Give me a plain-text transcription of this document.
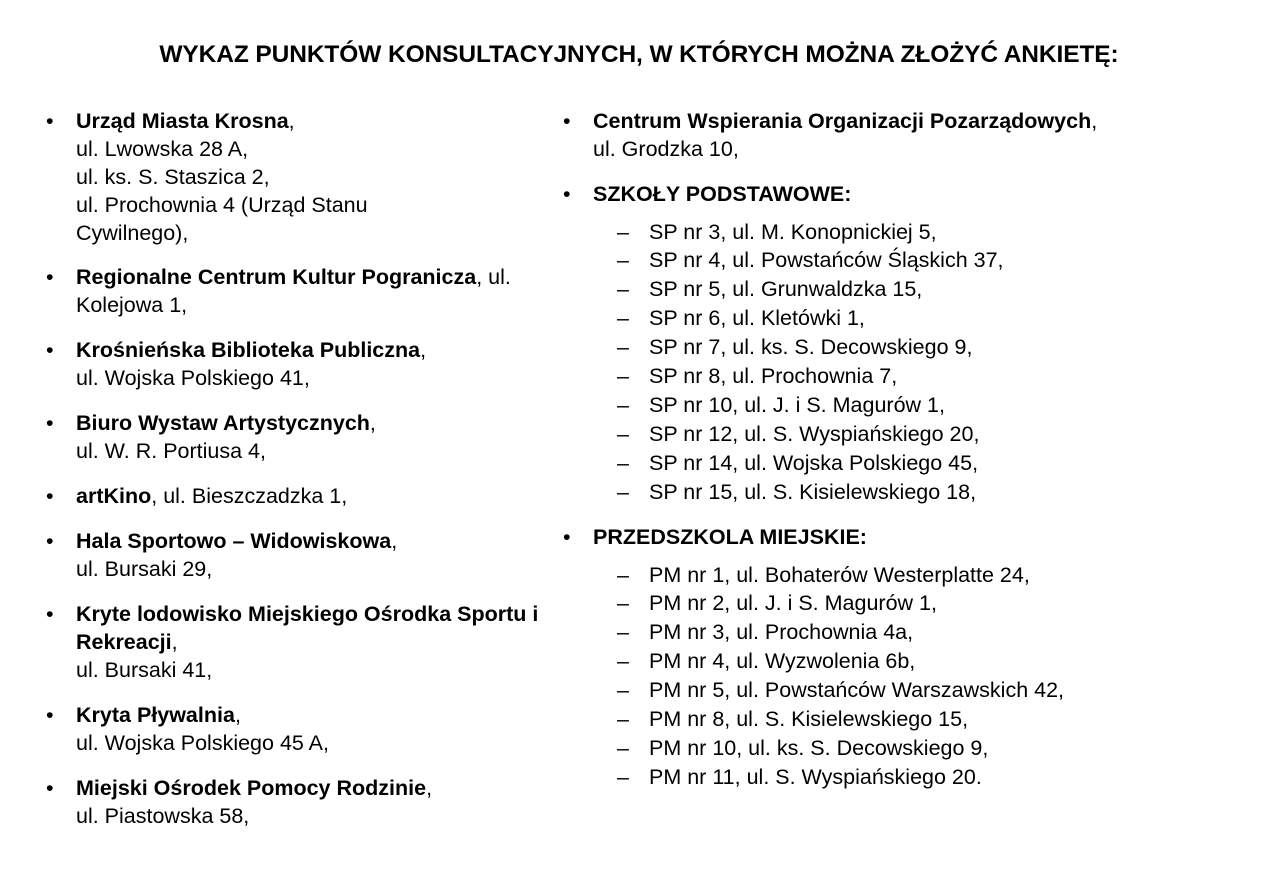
WYKAZ PUNKTÓW KONSULTACYJNYCH, W KTÓRYCH MOŻNA ZŁOŻYĆ ANKIETĘ:
•	Urząd Miasta Krosna,
ul. Lwowska 28 A,
ul. ks. S. Staszica 2,
ul. Prochownia 4 (Urząd Stanu
Cywilnego),
•	Regionalne Centrum Kultur Pogranicza, ul. Kolejowa 1,
•	Krośnieńska Biblioteka Publiczna,
ul. Wojska Polskiego 41,
•	Biuro Wystaw Artystycznych,
ul. W. R. Portiusa 4,
•	artKino, ul. Bieszczadzka 1,
•	Hala Sportowo – Widowiskowa,
ul. Bursaki 29,
•	Kryte lodowisko Miejskiego Ośrodka Sportu i Rekreacji,
ul. Bursaki 41,
•	Kryta Pływalnia,
ul. Wojska Polskiego 45 A,
•	Miejski Ośrodek Pomocy Rodzinie,
ul. Piastowska 58,
•	Centrum Wspierania Organizacji Pozarządowych,
ul. Grodzka 10,
•	SZKOŁY PODSTAWOWE:
– SP nr 3, ul. M. Konopnickiej 5,
– SP nr 4, ul. Powstańców Śląskich 37,
– SP nr 5, ul. Grunwaldzka 15,
– SP nr 6, ul. Kletówki 1,
– SP nr 7, ul. ks. S. Decowskiego 9,
– SP nr 8, ul. Prochownia 7,
– SP nr 10, ul. J. i S. Magurów 1,
– SP nr 12, ul. S. Wyspiańskiego 20,
– SP nr 14, ul. Wojska Polskiego 45,
– SP nr 15, ul. S. Kisielewskiego 18,
•	PRZEDSZKOLA MIEJSKIE:
– PM nr 1, ul. Bohaterów Westerplatte 24,
– PM nr 2, ul. J. i S. Magurów 1,
– PM nr 3, ul. Prochownia 4a,
– PM nr 4, ul. Wyzwolenia 6b,
– PM nr 5, ul. Powstańców Warszawskich 42,
– PM nr 8, ul. S. Kisielewskiego 15,
– PM nr 10, ul. ks. S. Decowskiego 9,
– PM nr 11, ul. S. Wyspiańskiego 20.
